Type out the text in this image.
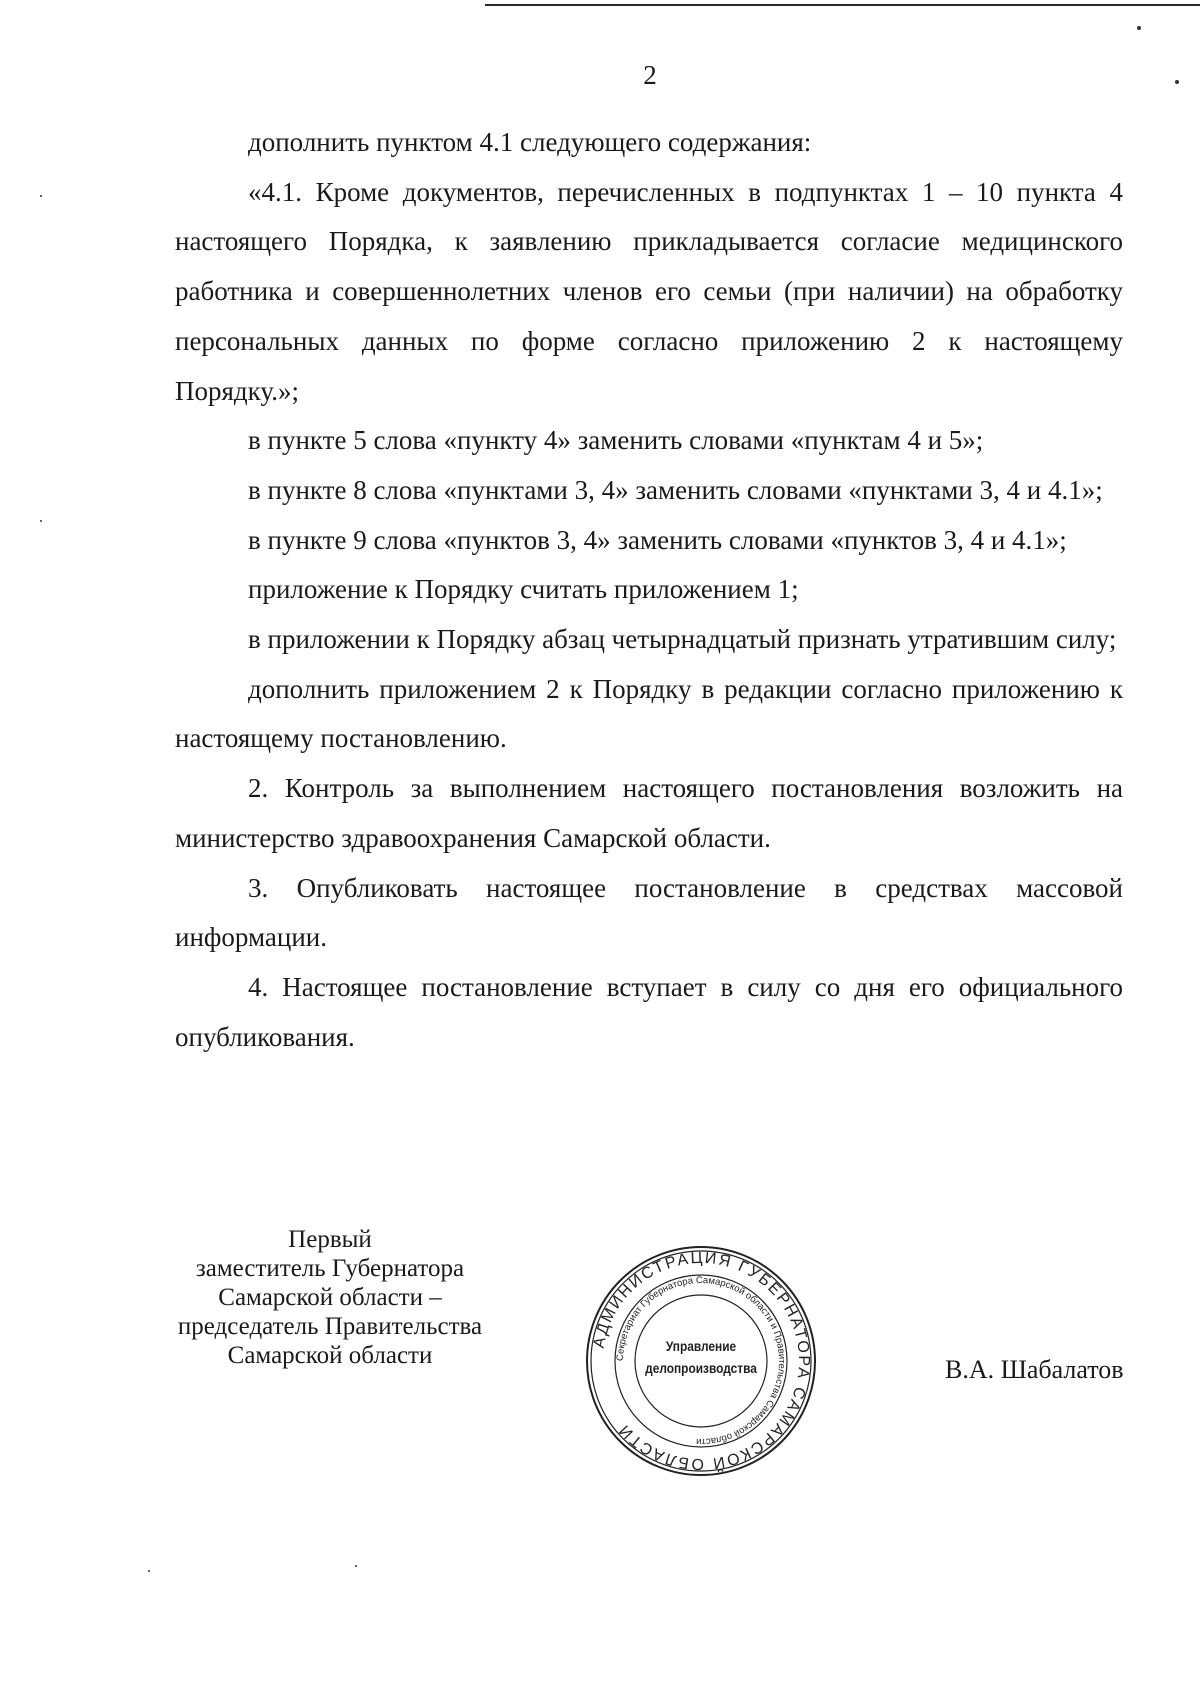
2

дополнить пунктом 4.1 следующего содержания:

«4.1. Кроме документов, перечисленных в подпунктах 1 – 10 пункта 4 настоящего Порядка, к заявлению прикладывается согласие медицинского работника и совершеннолетних членов его семьи (при наличии) на обработку персональных данных по форме согласно приложению 2 к настоящему Порядку.»;

в пункте 5 слова «пункту 4» заменить словами «пунктам 4 и 5»;

в пункте 8 слова «пунктами 3, 4» заменить словами «пунктами 3, 4 и 4.1»;

в пункте 9 слова «пунктов 3, 4» заменить словами «пунктов 3, 4 и 4.1»;

приложение к Порядку считать приложением 1;

в приложении к Порядку абзац четырнадцатый признать утратившим силу;

дополнить приложением 2 к Порядку в редакции согласно приложению к настоящему постановлению.

2. Контроль за выполнением настоящего постановления возложить на министерство здравоохранения Самарской области.

3. Опубликовать настоящее постановление в средствах массовой информации.

4. Настоящее постановление вступает в силу со дня его официального опубликования.

Первый
заместитель Губернатора
Самарской области –
председатель Правительства
Самарской области
АДМИНИСТРАЦИЯ ГУБЕРНАТОРА САМАРСКОЙ ОБЛАСТИ
Секретариат Губернатора Самарской области и Правительства Самарской области
Управление
делопроизводства	В.А. Шабалатов
